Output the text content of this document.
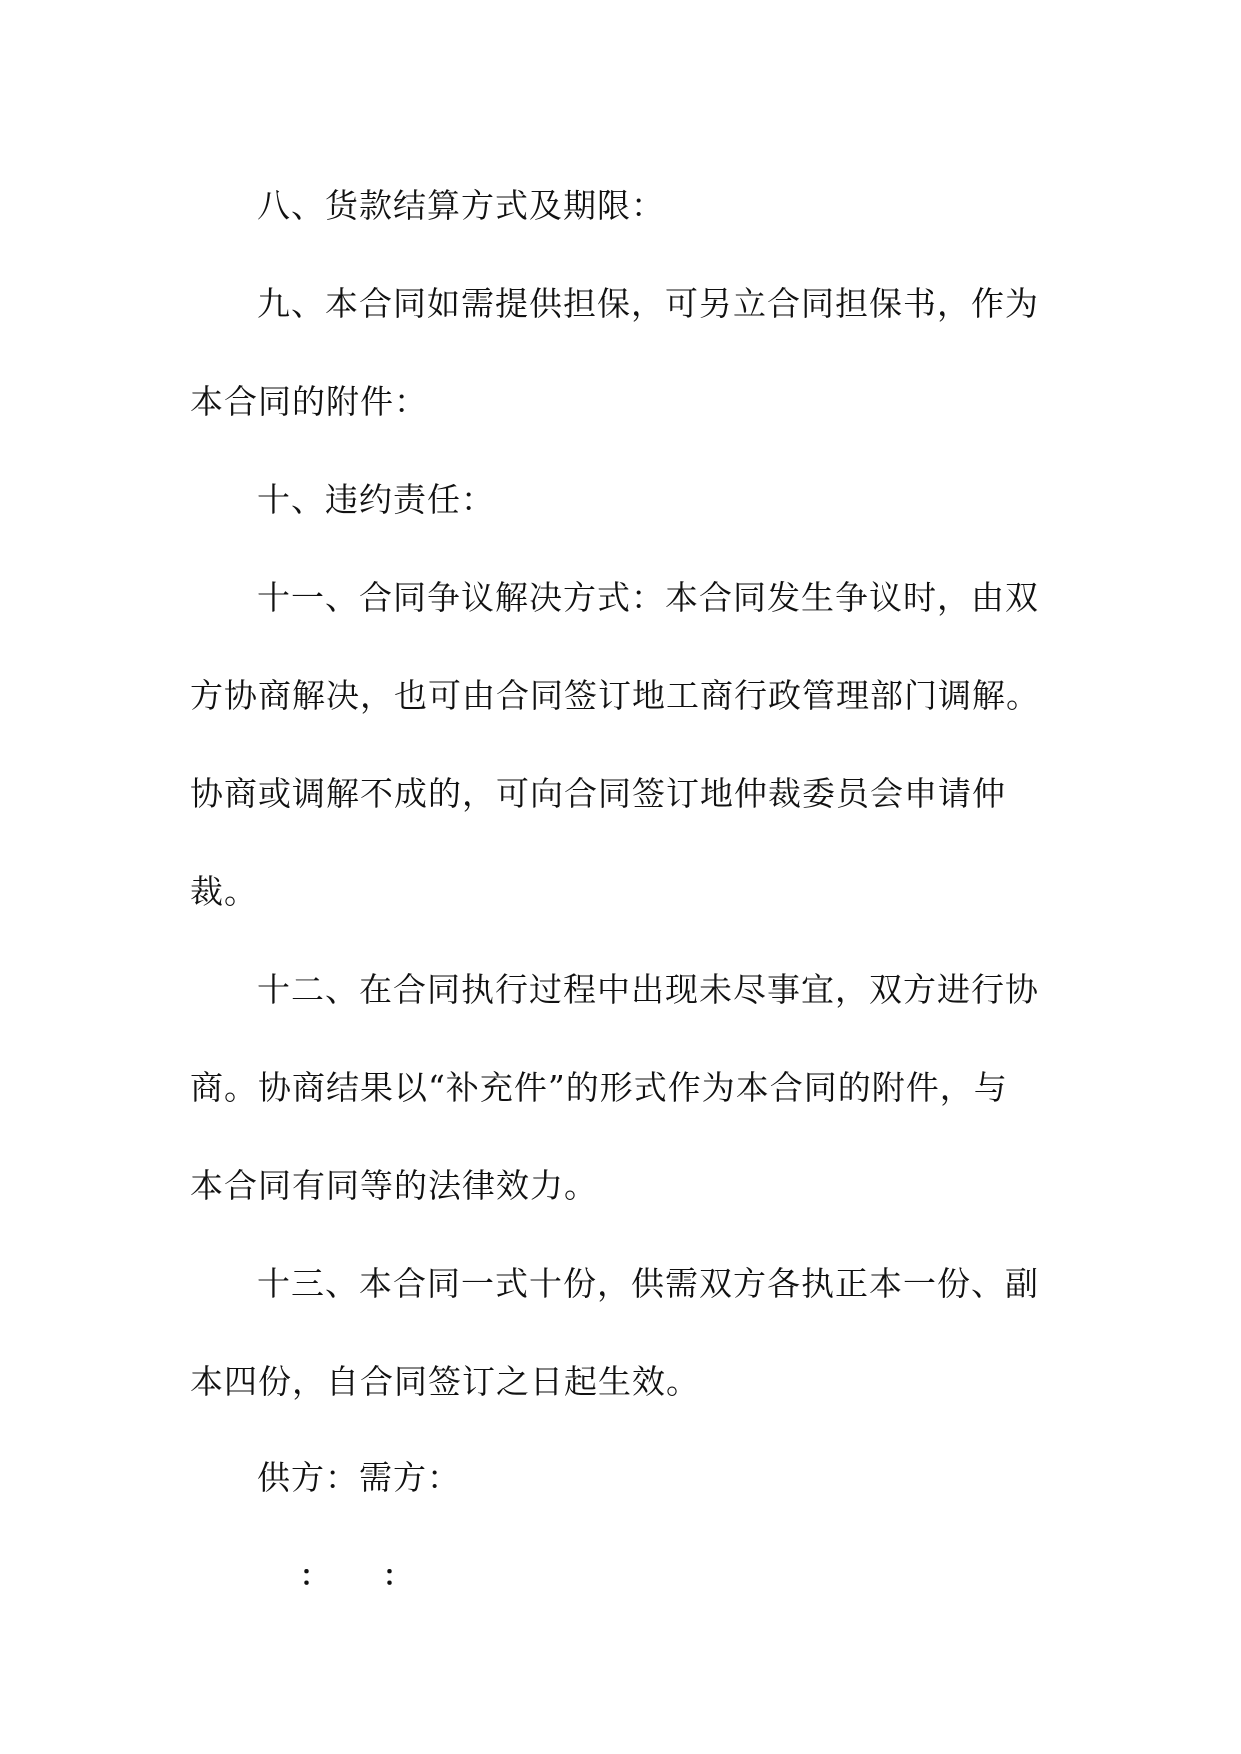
八、货款结算方式及期限：
九、本合同如需提供担保，可另立合同担保书，作为
本合同的附件：
十、违约责任：
十一、合同争议解决方式：本合同发生争议时，由双
方协商解决，也可由合同签订地工商行政管理部门调解。
协商或调解不成的，可向合同签订地仲裁委员会申请仲
裁。
十二、在合同执行过程中出现未尽事宜，双方进行协
商。协商结果以“补充件”的形式作为本合同的附件，与
本合同有同等的法律效力。
十三、本合同一式十份，供需双方各执正本一份、副
本四份，自合同签订之日起生效。
供方：需方：
： ：
